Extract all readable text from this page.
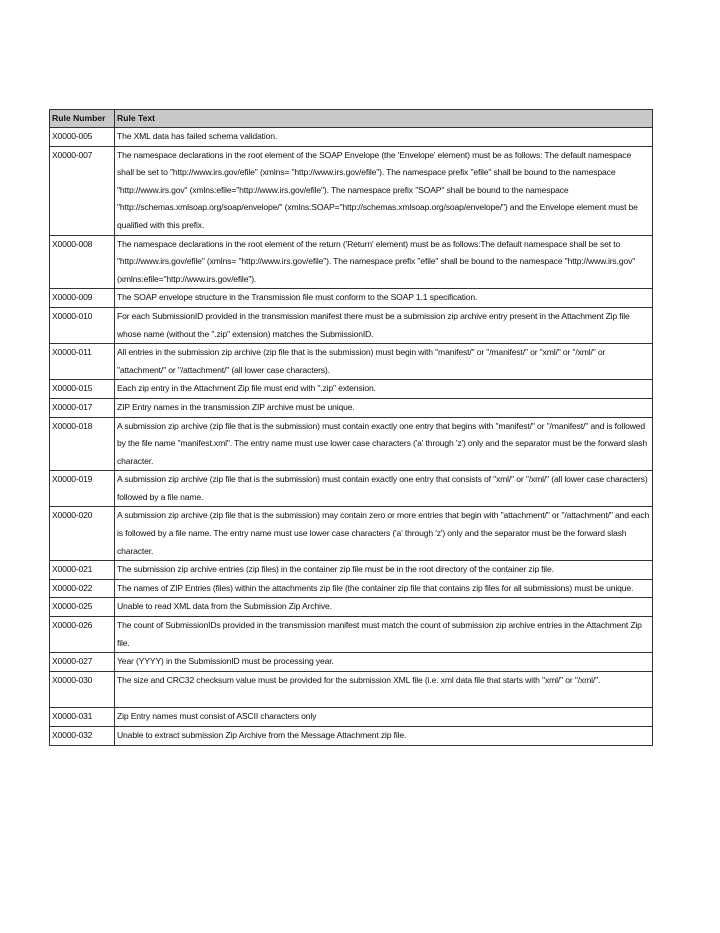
Rule Number	Rule Text
X0000-005	The XML data has failed schema validation.
X0000-007	The namespace declarations in the root element of the SOAP Envelope (the 'Envelope' element) must be as follows: The default namespace shall be set to "http://www.irs.gov/efile" (xmlns= "http://www.irs.gov/efile"). The namespace prefix "efile" shall be bound to the namespace "http://www.irs.gov" (xmlns:efile="http://www.irs.gov/efile"). The namespace prefix "SOAP" shall be bound to the namespace "http://schemas.xmlsoap.org/soap/envelope/" (xmlns:SOAP="http://schemas.xmlsoap.org/soap/envelope/") and the Envelope element must be qualified with this prefix.
X0000-008	The namespace declarations in the root element of the return ('Return' element) must be as follows:The default namespace shall be set to "http://www.irs.gov/efile" (xmlns= "http://www.irs.gov/efile"). The namespace prefix "efile" shall be bound to the namespace "http://www.irs.gov" (xmlns:efile="http://www.irs.gov/efile").
X0000-009	The SOAP envelope structure in the Transmission file must conform to the SOAP 1.1 specification.
X0000-010	For each SubmissionID provided in the transmission manifest there must be a submission zip archive entry present in the Attachment Zip file whose name (without the ".zip" extension) matches the SubmissionID.
X0000-011	All entries in the submission zip archive (zip file that is the submission) must begin with "manifest/" or "/manifest/" or "xml/" or "/xml/" or "attachment/" or "/attachment/" (all lower case characters).
X0000-015	Each zip entry in the Attachment Zip file must end with ".zip" extension.
X0000-017	ZIP Entry names in the transmission ZIP archive must be unique.
X0000-018	A submission zip archive (zip file that is the submission) must contain exactly one entry that begins with "manifest/" or "/manifest/" and is followed by the file name "manifest.xml". The entry name must use lower case characters ('a' through 'z') only and the separator must be the forward slash character.
X0000-019	A submission zip archive (zip file that is the submission) must contain exactly one entry that consists of "xml/" or "/xml/" (all lower case characters) followed by a file name.
X0000-020	A submission zip archive (zip file that is the submission) may contain zero or more entries that begin with "attachment/" or "/attachment/" and each is followed by a file name. The entry name must use lower case characters ('a' through 'z') only and the separator must be the forward slash character.
X0000-021	The submission zip archive entries (zip files) in the container zip file must be in the root directory of the container zip file.
X0000-022	The names of ZIP Entries (files) within the attachments zip file (the container zip file that contains zip files for all submissions) must be unique.
X0000-025	Unable to read XML data from the Submission Zip Archive.
X0000-026	The count of SubmissionIDs provided in the transmission manifest must match the count of submission zip archive entries in the Attachment Zip file.
X0000-027	Year (YYYY) in the SubmissionID must be processing year.
X0000-030	The size and CRC32 checksum value must be provided for the submission XML file (i.e. xml data file that starts with "xml/" or "/xml/".
X0000-031	Zip Entry names must consist of ASCII characters only
X0000-032	Unable to extract submission Zip Archive from the Message Attachment zip file.
